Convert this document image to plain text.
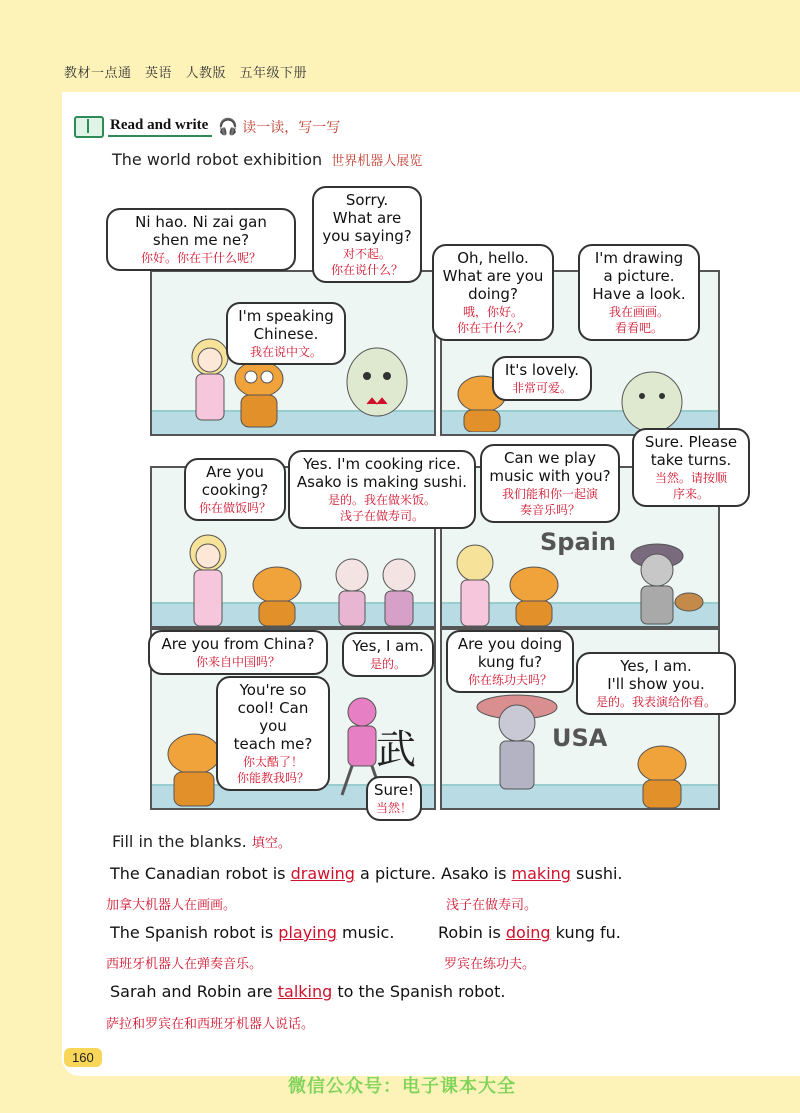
教材一点通　英语　人教版　五年级下册
Read and write 🎧 读一读，写一写
The world robot exhibition 世界机器人展览
Spain
USA
武
Ni hao. Ni zai gan
shen me ne?
你好。你在干什么呢？
Sorry.
What are
you saying?
对不起。
你在说什么？
I'm speaking
Chinese.
我在说中文。
Oh, hello.
What are you
doing?
哦，你好。
你在干什么？
I'm drawing
a picture.
Have a look.
我在画画。
看看吧。
It's lovely.
非常可爱。
Are you
cooking?
你在做饭吗？
Yes. I'm cooking rice.
Asako is making sushi.
是的。我在做米饭。
浅子在做寿司。
Can we play
music with you?
我们能和你一起演
奏音乐吗？
Sure. Please
take turns.
当然。请按顺
序来。
Are you from China?
你来自中国吗？
Yes, I am.
是的。
You're so
cool! Can you
teach me?
你太酷了！
你能教我吗？
Sure!
当然！
Are you doing
kung fu?
你在练功夫吗？
Yes, I am.
I'll show you.
是的。我表演给你看。
Fill in the blanks. 填空。
The Canadian robot is drawing a picture. Asako is making sushi.
加拿大机器人在画画。	浅子在做寿司。
The Spanish robot is playing music.	Robin is doing kung fu.
西班牙机器人在弹奏音乐。	罗宾在练功夫。
Sarah and Robin are talking to the Spanish robot.
萨拉和罗宾在和西班牙机器人说话。
160
微信公众号：电子课本大全
